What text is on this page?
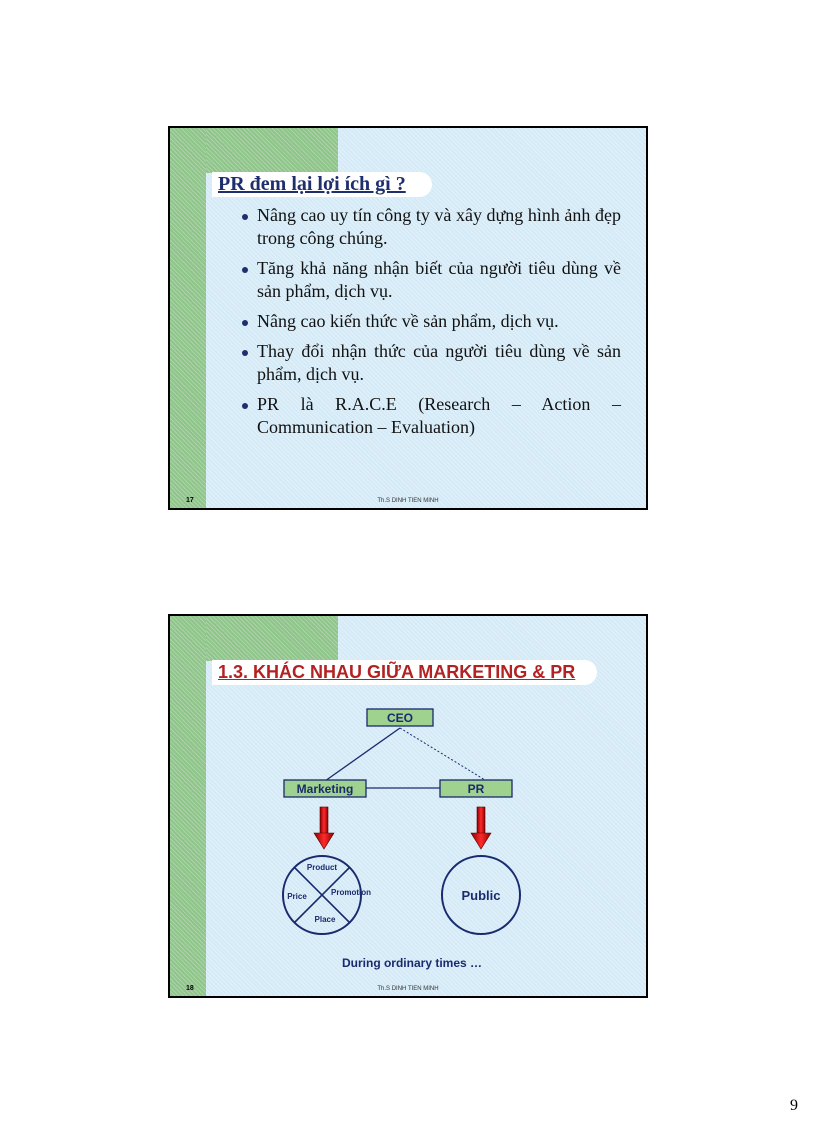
PR đem lại lợi ích gì ?
Nâng cao uy tín công ty và xây dựng hình ảnh đẹp trong công chúng.
Tăng khả năng nhận biết của người tiêu dùng về sản phẩm, dịch vụ.
Nâng cao kiến thức về sản phẩm, dịch vụ.
Thay đổi nhận thức của người tiêu dùng về sản phẩm, dịch vụ.
PR là R.A.C.E (Research – Action – Communication – Evaluation)
17	Th.S DINH TIEN MINH
1.3. KHÁC NHAU GIỮA MARKETING & PR
CEO
Marketing	PR
Product
Price	Promotion
Place
Public
During ordinary times …
18	Th.S DINH TIEN MINH
9
